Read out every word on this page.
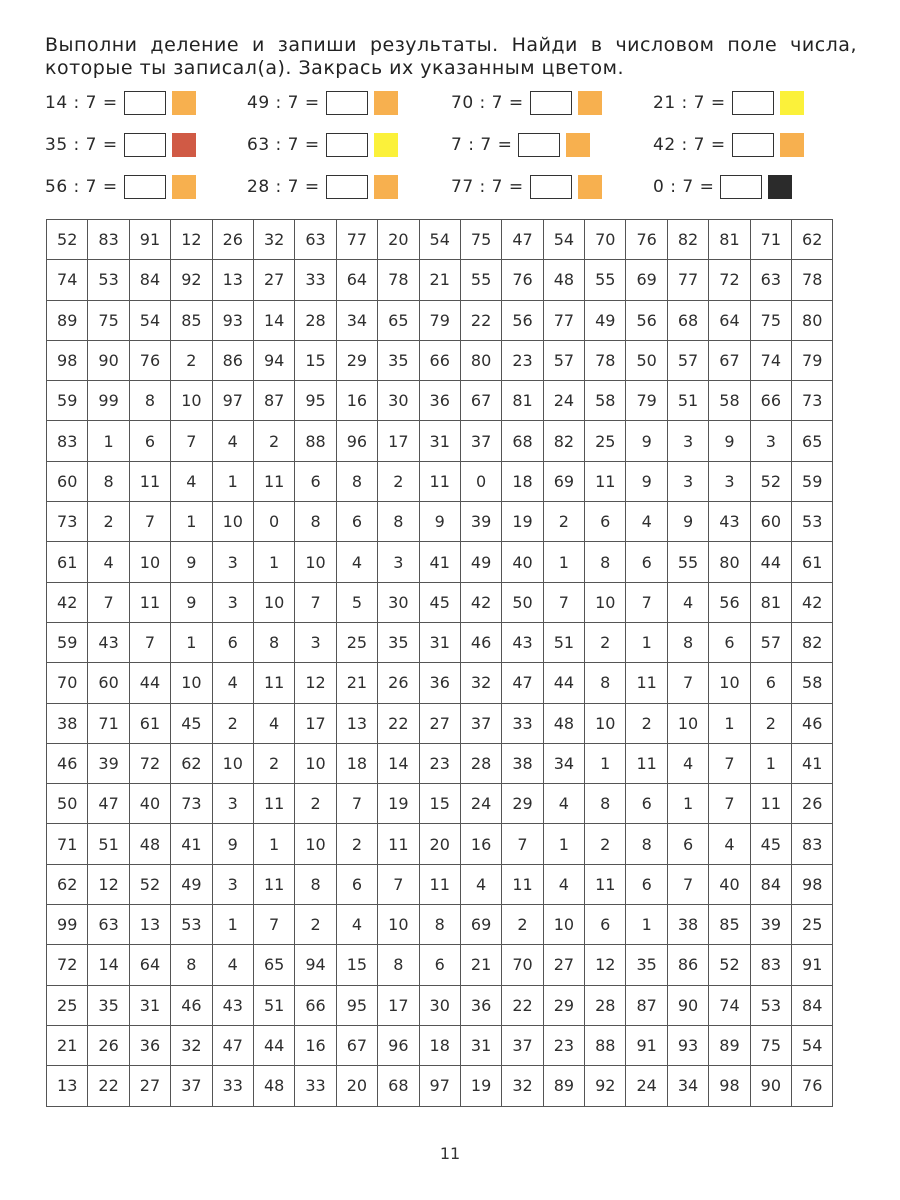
Выполни деление и запиши результаты. Найди в числовом поле числа,

которые ты записал(а). Закрась их указанным цветом.

14 : 7 =	49 : 7 =	70 : 7 =	21 : 7 =
35 : 7 =	63 : 7 =	7 : 7 =	42 : 7 =
56 : 7 =	28 : 7 =	77 : 7 =	0 : 7 =
52	83	91	12	26	32	63	77	20	54	75	47	54	70	76	82	81	71	62
74	53	84	92	13	27	33	64	78	21	55	76	48	55	69	77	72	63	78
89	75	54	85	93	14	28	34	65	79	22	56	77	49	56	68	64	75	80
98	90	76	2	86	94	15	29	35	66	80	23	57	78	50	57	67	74	79
59	99	8	10	97	87	95	16	30	36	67	81	24	58	79	51	58	66	73
83	1	6	7	4	2	88	96	17	31	37	68	82	25	9	3	9	3	65
60	8	11	4	1	11	6	8	2	11	0	18	69	11	9	3	3	52	59
73	2	7	1	10	0	8	6	8	9	39	19	2	6	4	9	43	60	53
61	4	10	9	3	1	10	4	3	41	49	40	1	8	6	55	80	44	61
42	7	11	9	3	10	7	5	30	45	42	50	7	10	7	4	56	81	42
59	43	7	1	6	8	3	25	35	31	46	43	51	2	1	8	6	57	82
70	60	44	10	4	11	12	21	26	36	32	47	44	8	11	7	10	6	58
38	71	61	45	2	4	17	13	22	27	37	33	48	10	2	10	1	2	46
46	39	72	62	10	2	10	18	14	23	28	38	34	1	11	4	7	1	41
50	47	40	73	3	11	2	7	19	15	24	29	4	8	6	1	7	11	26
71	51	48	41	9	1	10	2	11	20	16	7	1	2	8	6	4	45	83
62	12	52	49	3	11	8	6	7	11	4	11	4	11	6	7	40	84	98
99	63	13	53	1	7	2	4	10	8	69	2	10	6	1	38	85	39	25
72	14	64	8	4	65	94	15	8	6	21	70	27	12	35	86	52	83	91
25	35	31	46	43	51	66	95	17	30	36	22	29	28	87	90	74	53	84
21	26	36	32	47	44	16	67	96	18	31	37	23	88	91	93	89	75	54
13	22	27	37	33	48	33	20	68	97	19	32	89	92	24	34	98	90	76
11
